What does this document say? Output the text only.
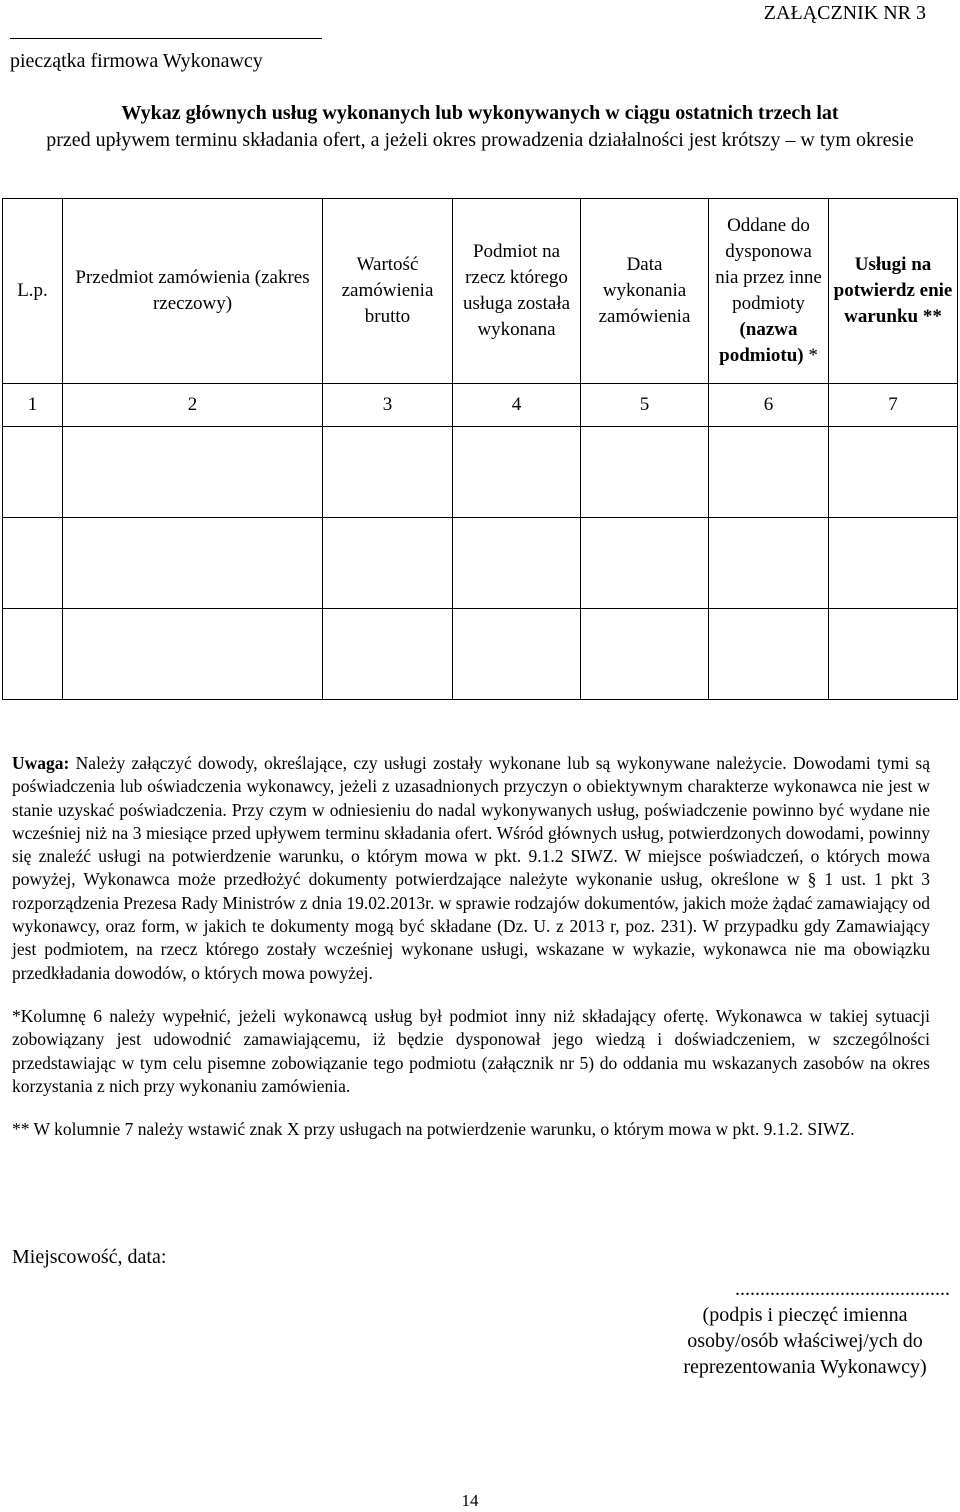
ZAŁĄCZNIK NR 3
pieczątka firmowa Wykonawcy
Wykaz głównych usług wykonanych lub wykonywanych w ciągu ostatnich trzech lat
przed upływem terminu składania ofert, a jeżeli okres prowadzenia działalności jest krótszy – w tym okresie
L.p.	Przedmiot zamówienia (zakres rzeczowy)	Wartość zamówienia brutto	Podmiot na rzecz którego usługa została wykonana	Data wykonania zamówienia	Oddane do dysponowa nia przez inne podmioty (nazwa podmiotu) *	Usługi na potwierdz enie warunku **
1	2	3	4	5	6	7

Uwaga: Należy załączyć dowody, określające, czy usługi zostały wykonane lub są wykonywane należycie. Dowodami tymi są poświadczenia lub oświadczenia wykonawcy, jeżeli z uzasadnionych przyczyn o obiektywnym charakterze wykonawca nie jest w stanie uzyskać poświadczenia. Przy czym w odniesieniu do nadal wykonywanych usług, poświadczenie powinno być wydane nie wcześniej niż na 3 miesiące przed upływem terminu składania ofert. Wśród głównych usług, potwierdzonych dowodami, powinny się znaleźć usługi na potwierdzenie warunku, o którym mowa w pkt. 9.1.2 SIWZ. W miejsce poświadczeń, o których mowa powyżej, Wykonawca może przedłożyć dokumenty potwierdzające należyte wykonanie usług, określone w § 1 ust. 1 pkt 3 rozporządzenia Prezesa Rady Ministrów z dnia 19.02.2013r. w sprawie rodzajów dokumentów, jakich może żądać zamawiający od wykonawcy, oraz form, w jakich te dokumenty mogą być składane (Dz. U. z 2013 r, poz. 231). W przypadku gdy Zamawiający jest podmiotem, na rzecz którego zostały wcześniej wykonane usługi, wskazane w wykazie, wykonawca nie ma obowiązku przedkładania dowodów, o których mowa powyżej.

*Kolumnę 6 należy wypełnić, jeżeli wykonawcą usług był podmiot inny niż składający ofertę. Wykonawca w takiej sytuacji zobowiązany jest udowodnić zamawiającemu, iż będzie dysponował jego wiedzą i doświadczeniem, w szczególności przedstawiając w tym celu pisemne zobowiązanie tego podmiotu (załącznik nr 5) do oddania mu wskazanych zasobów na okres korzystania z nich przy wykonaniu zamówienia.

** W kolumnie 7 należy wstawić znak X przy usługach na potwierdzenie warunku, o którym mowa w pkt. 9.1.2. SIWZ.

Miejscowość, data:
...........................................
(podpis i pieczęć imienna osoby/osób właściwej/ych do reprezentowania Wykonawcy)
14
